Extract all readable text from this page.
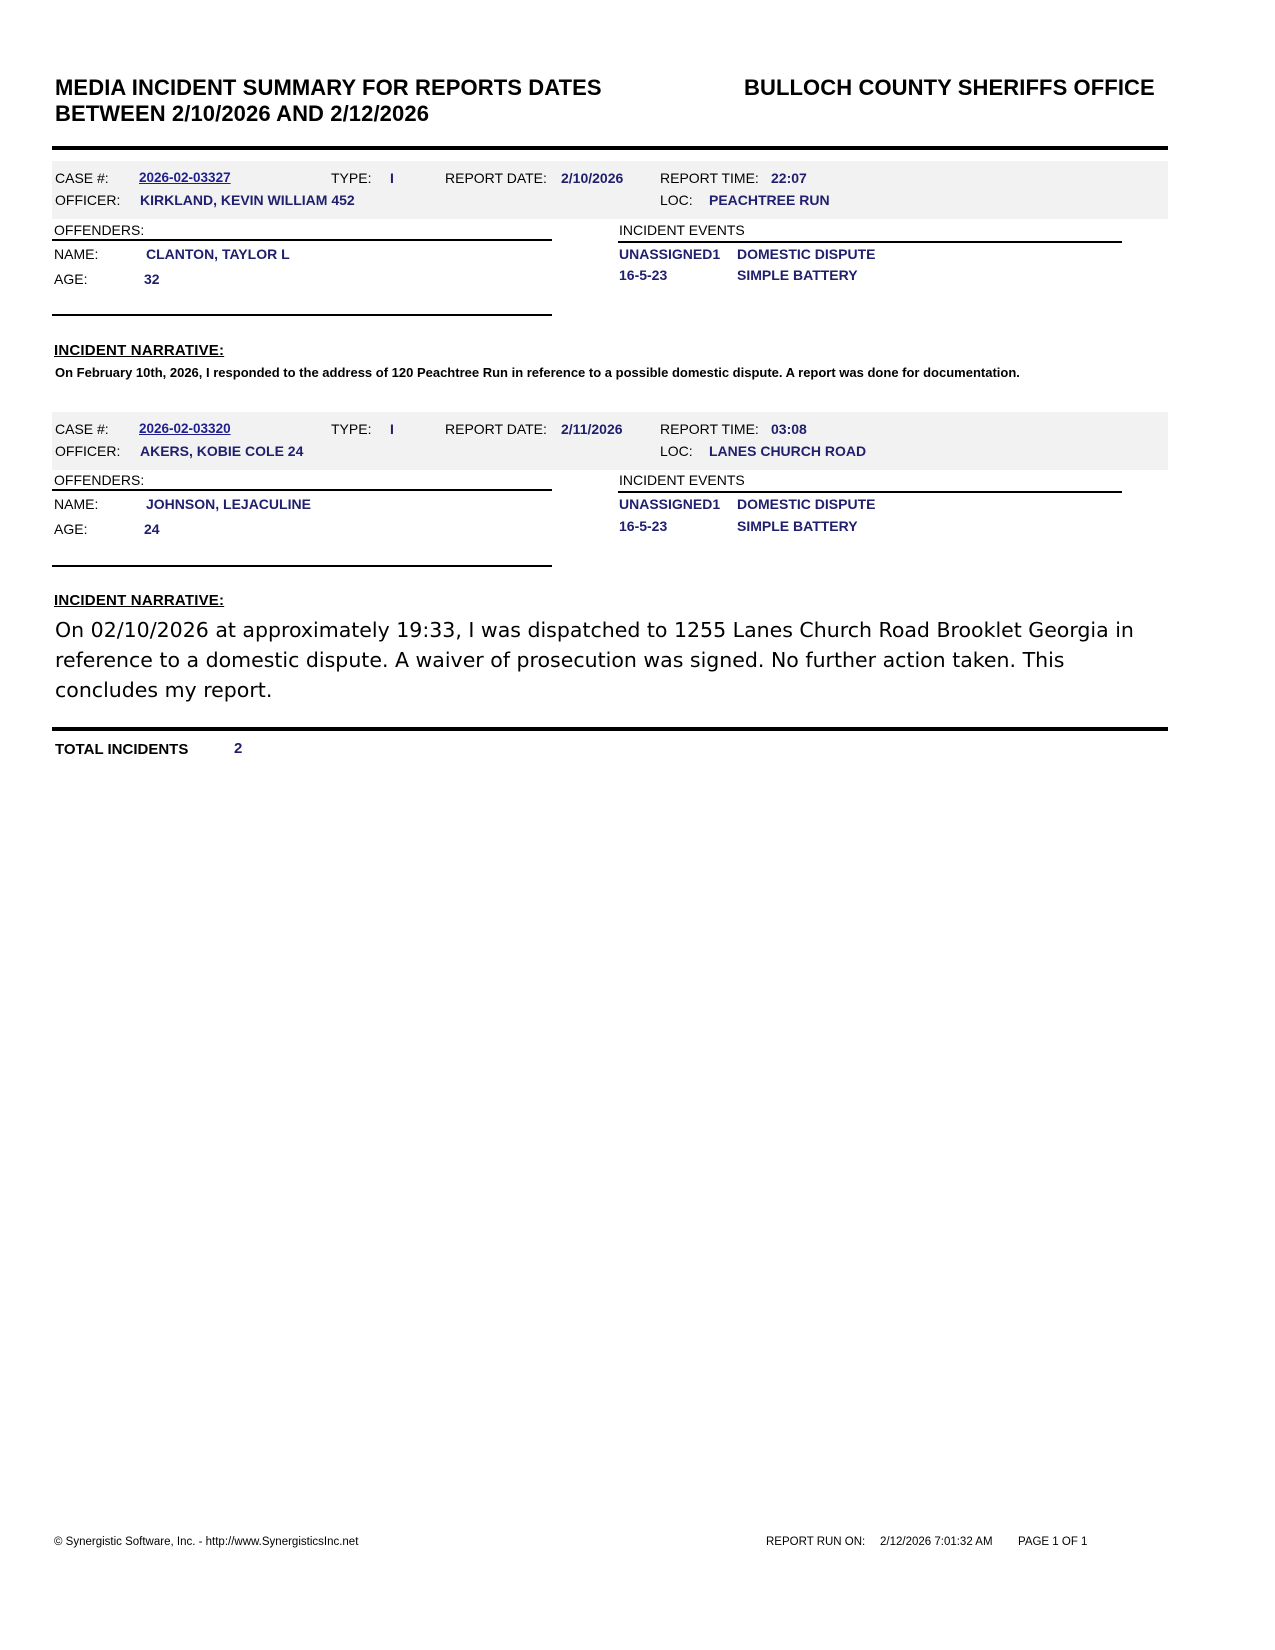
MEDIA INCIDENT SUMMARY FOR REPORTS DATES
BETWEEN 2/10/2026 AND 2/12/2026
BULLOCH COUNTY SHERIFFS OFFICE
CASE #: 2026-02-03327	TYPE: I	REPORT DATE: 2/10/2026	REPORT TIME: 22:07
OFFICER: KIRKLAND, KEVIN WILLIAM 452	LOC: PEACHTREE RUN
OFFENDERS:	INCIDENT EVENTS
NAME:	CLANTON, TAYLOR L
AGE:	32
UNASSIGNED1 DOMESTIC DISPUTE
16-5-23	SIMPLE BATTERY
INCIDENT NARRATIVE:
On February 10th, 2026, I responded to the address of 120 Peachtree Run in reference to a possible domestic dispute. A report was done for documentation.
CASE #: 2026-02-03320	TYPE: I	REPORT DATE: 2/11/2026	REPORT TIME: 03:08
OFFICER: AKERS, KOBIE COLE 24	LOC: LANES CHURCH ROAD
OFFENDERS:	INCIDENT EVENTS
NAME:	JOHNSON, LEJACULINE
AGE:	24
UNASSIGNED1 DOMESTIC DISPUTE
16-5-23	SIMPLE BATTERY
INCIDENT NARRATIVE:
On 02/10/2026 at approximately 19:33, I was dispatched to 1255 Lanes Church Road Brooklet Georgia in reference to a domestic dispute. A waiver of prosecution was signed. No further action taken. This concludes my report.
TOTAL INCIDENTS	2
© Synergistic Software, Inc. - http://www.SynergisticsInc.net	REPORT RUN ON: 2/12/2026 7:01:32 AM PAGE 1 OF 1
